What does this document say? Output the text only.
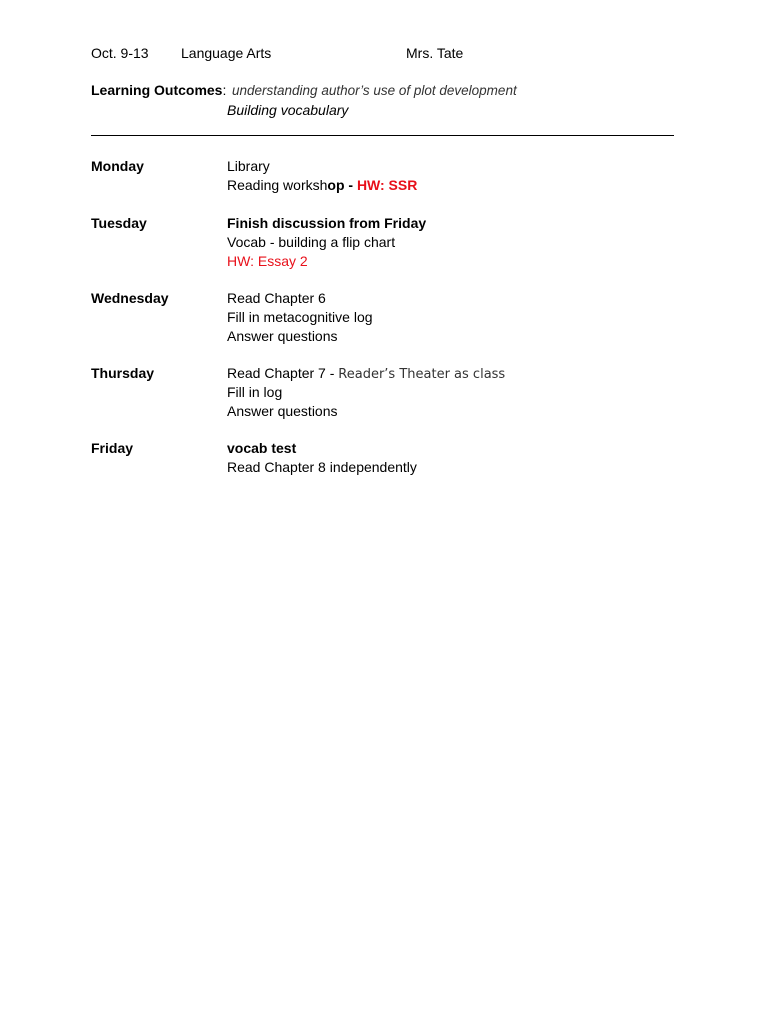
Oct. 9-13 Language Arts	Mrs. Tate
Learning Outcomes: understanding author’s use of plot development
Building vocabulary
Monday	Library
Reading workshop - HW: SSR
Tuesday	Finish discussion from Friday
Vocab - building a flip chart
HW: Essay 2
Wednesday	Read Chapter 6
Fill in metacognitive log
Answer questions
Thursday	Read Chapter 7 - Reader’s Theater as class
Fill in log
Answer questions
Friday	vocab test
Read Chapter 8 independently
